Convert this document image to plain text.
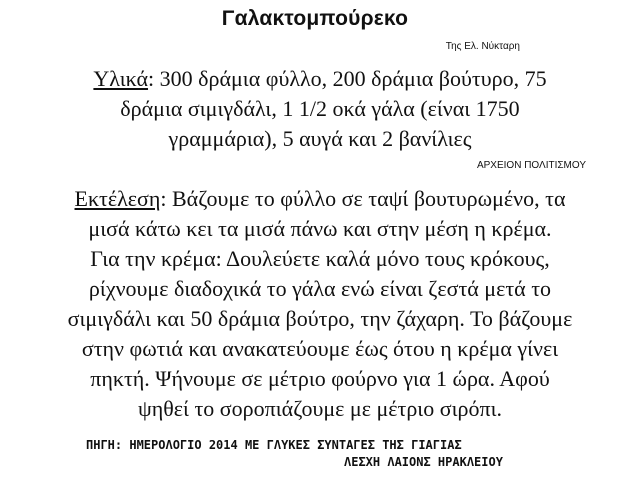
Γαλακτομπούρεκο
Της Ελ. Νύκταρη
Υλικά: 300 δράμια φύλλο, 200 δράμια βούτυρο, 75
δράμια σιμιγδάλι, 1 1/2 οκά γάλα (είναι 1750
γραμμάρια), 5 αυγά και 2 βανίλιες
ΑΡΧΕΙΟΝ ΠΟΛΙΤΙΣΜΟΥ
Εκτέλεση: Βάζουμε το φύλλο σε ταψί βουτυρωμένο, τα
μισά κάτω κει τα μισά πάνω και στην μέση η κρέμα.
Για την κρέμα: Δουλεύετε καλά μόνο τους κρόκους,
ρίχνουμε διαδοχικά το γάλα ενώ είναι ζεστά μετά το
σιμιγδάλι και 50 δράμια βούτρο, την ζάχαρη. Το βάζουμε
στην φωτιά και ανακατεύουμε έως ότου η κρέμα γίνει
πηκτή. Ψήνουμε σε μέτριο φούρνο για 1 ώρα. Αφού
ψηθεί το σοροπιάζουμε με μέτριο σιρόπι.
ΠΗΓΗ: ΗΜΕΡΟΛΟΓΙΟ 2014 ΜΕ ΓΛΥΚΕΣ ΣΥΝΤΑΓΕΣ ΤΗΣ ΓΙΑΓΙΑΣ
ΛΕΣΧΗ ΛΑΙΟΝΣ ΗΡΑΚΛΕΙΟΥ
